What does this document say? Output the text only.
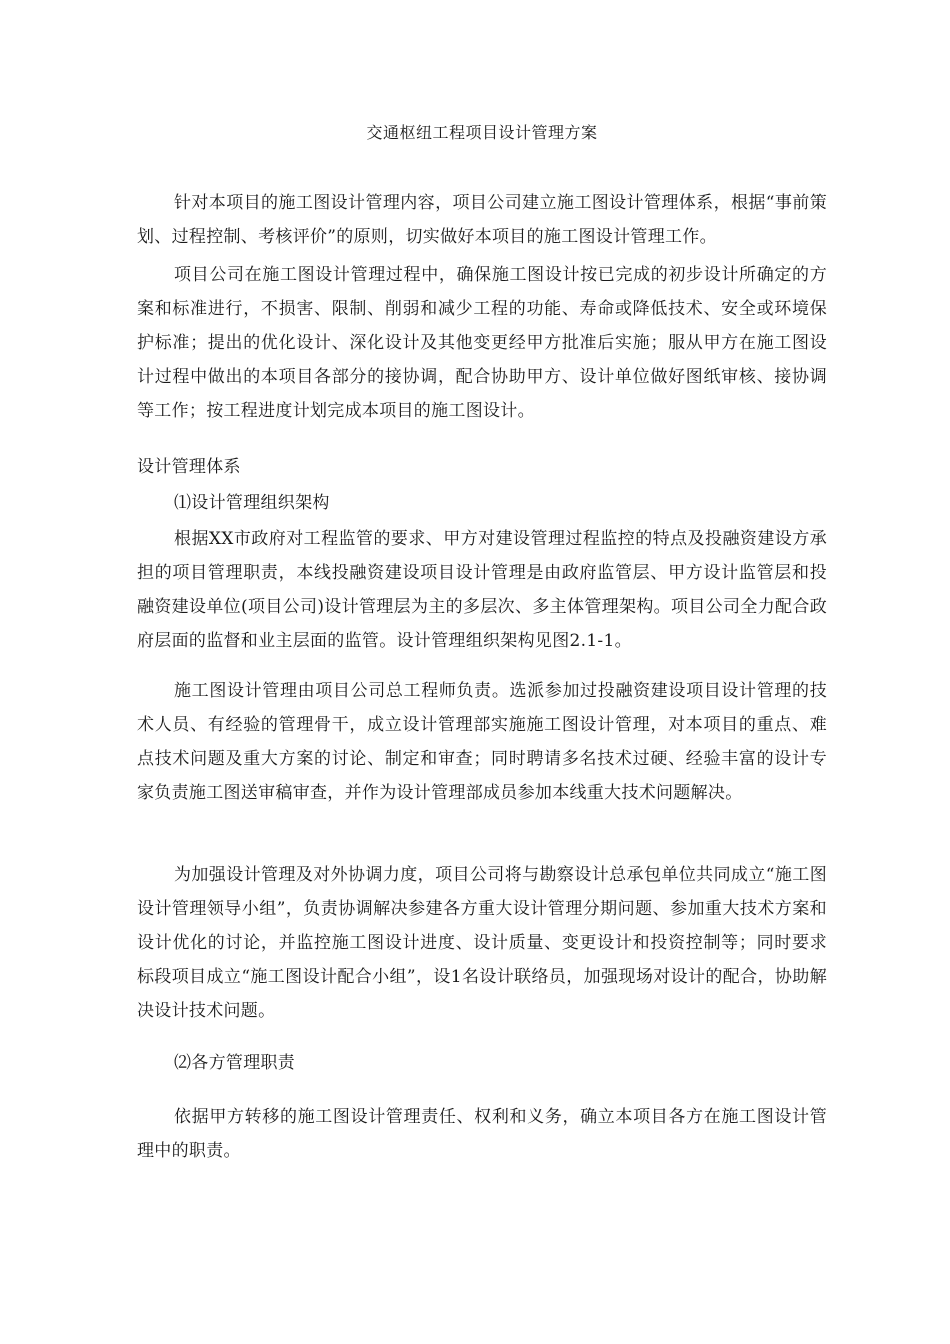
交通枢纽工程项目设计管理方案

针对本项目的施工图设计管理内容，项目公司建立施工图设计管理体系，根据“事前策划、过程控制、考核评价”的原则，切实做好本项目的施工图设计管理工作。

项目公司在施工图设计管理过程中，确保施工图设计按已完成的初步设计所确定的方案和标准进行，不损害、限制、削弱和减少工程的功能、寿命或降低技术、安全或环境保护标准；提出的优化设计、深化设计及其他变更经甲方批准后实施；服从甲方在施工图设计过程中做出的本项目各部分的接协调，配合协助甲方、设计单位做好图纸审核、接协调等工作；按工程进度计划完成本项目的施工图设计。

设计管理体系

⑴设计管理组织架构

根据XX市政府对工程监管的要求、甲方对建设管理过程监控的特点及投融资建设方承担的项目管理职责，本线投融资建设项目设计管理是由政府监管层、甲方设计监管层和投融资建设单位(项目公司)设计管理层为主的多层次、多主体管理架构。项目公司全力配合政府层面的监督和业主层面的监管。设计管理组织架构见图2.1-1。

施工图设计管理由项目公司总工程师负责。选派参加过投融资建设项目设计管理的技术人员、有经验的管理骨干，成立设计管理部实施施工图设计管理，对本项目的重点、难点技术问题及重大方案的讨论、制定和审查；同时聘请多名技术过硬、经验丰富的设计专家负责施工图送审稿审查，并作为设计管理部成员参加本线重大技术问题解决。

为加强设计管理及对外协调力度，项目公司将与勘察设计总承包单位共同成立“施工图设计管理领导小组”，负责协调解决参建各方重大设计管理分期问题、参加重大技术方案和设计优化的讨论，并监控施工图设计进度、设计质量、变更设计和投资控制等；同时要求标段项目成立“施工图设计配合小组”，设1名设计联络员，加强现场对设计的配合，协助解决设计技术问题。

⑵各方管理职责

依据甲方转移的施工图设计管理责任、权利和义务，确立本项目各方在施工图设计管理中的职责。
